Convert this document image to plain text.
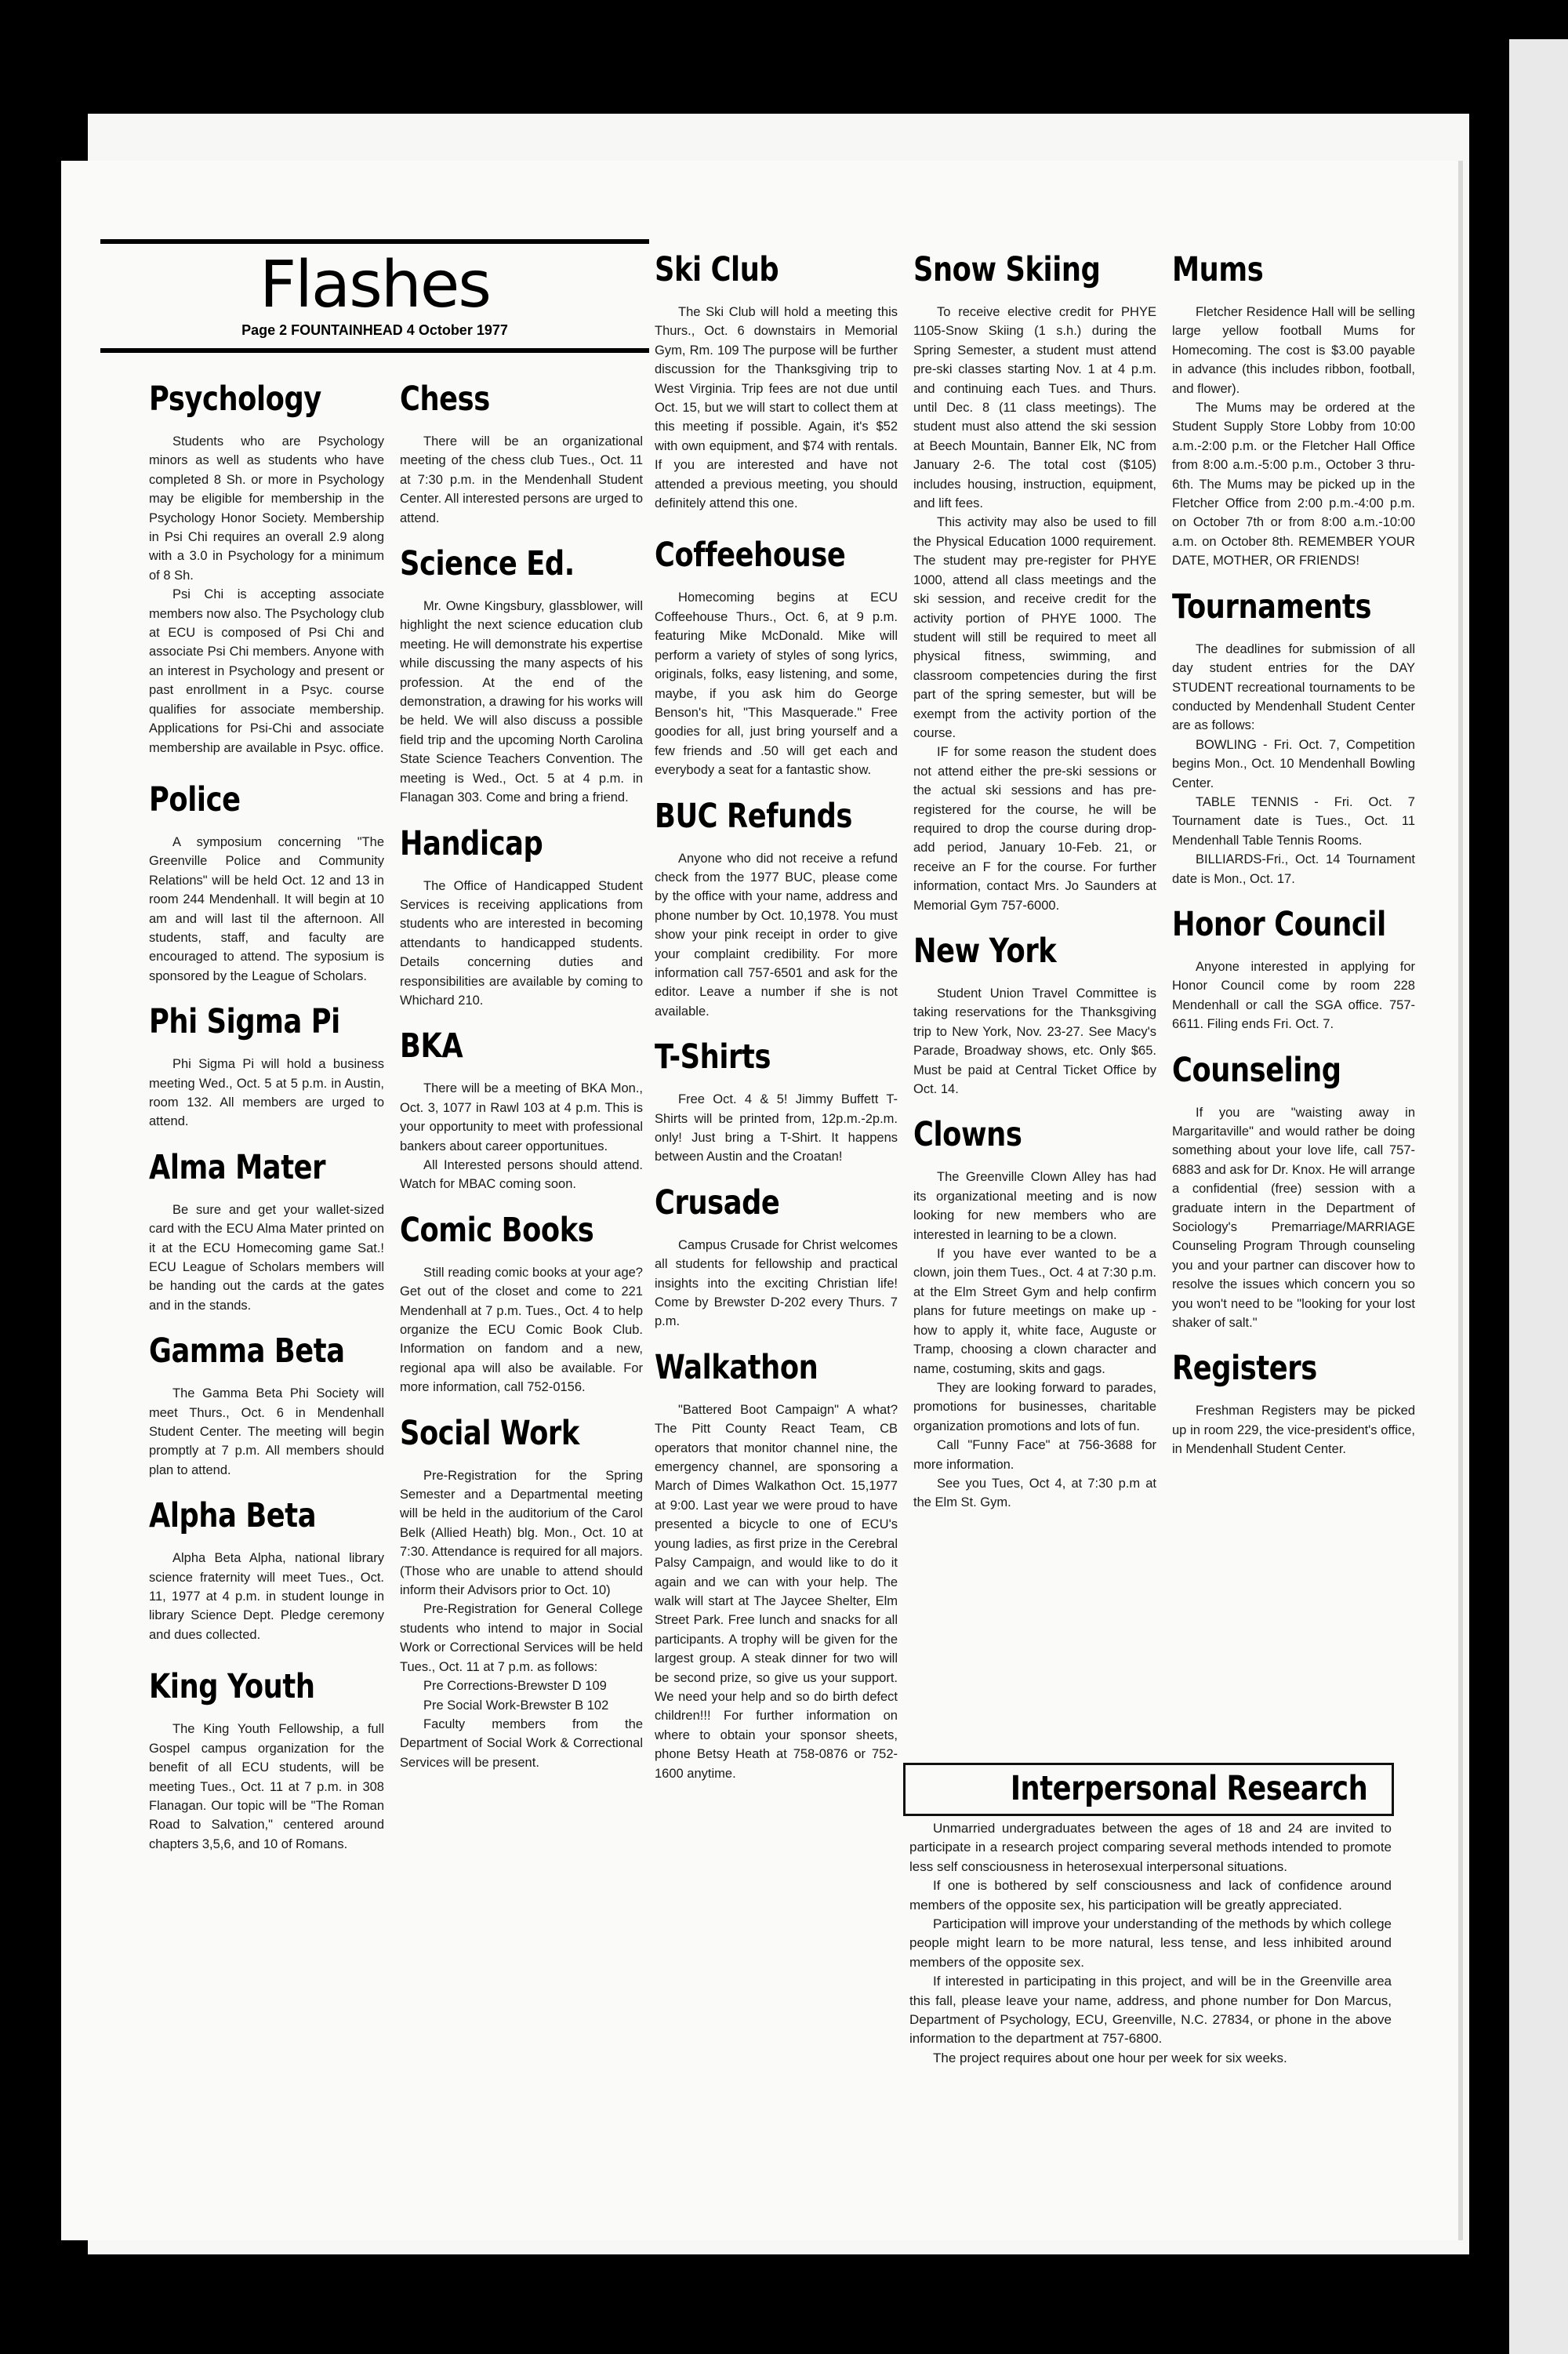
Flashes
Page 2 FOUNTAINHEAD 4 October 1977
Psychology

Students who are Psychology minors as well as students who have completed 8 Sh. or more in Psychology may be eligible for membership in the Psychology Honor Society. Membership in Psi Chi requires an overall 2.9 along with a 3.0 in Psychology for a minimum of 8 Sh.

Psi Chi is accepting associate members now also. The Psychology club at ECU is composed of Psi Chi and associate Psi Chi members. Anyone with an interest in Psychology and present or past enrollment in a Psyc. course qualifies for associate membership. Applications for Psi-Chi and associate membership are available in Psyc. office.

Police

A symposium concerning "The Greenville Police and Community Relations" will be held Oct. 12 and 13 in room 244 Mendenhall. It will begin at 10 am and will last til the afternoon. All students, staff, and faculty are encouraged to attend. The syposium is sponsored by the League of Scholars.

Phi Sigma Pi

Phi Sigma Pi will hold a business meeting Wed., Oct. 5 at 5 p.m. in Austin, room 132. All members are urged to attend.

Alma Mater

Be sure and get your wallet-sized card with the ECU Alma Mater printed on it at the ECU Homecoming game Sat.! ECU League of Scholars members will be handing out the cards at the gates and in the stands.

Gamma Beta

The Gamma Beta Phi Society will meet Thurs., Oct. 6 in Mendenhall Student Center. The meeting will begin promptly at 7 p.m. All members should plan to attend.

Alpha Beta

Alpha Beta Alpha, national library science fraternity will meet Tues., Oct. 11, 1977 at 4 p.m. in student lounge in library Science Dept. Pledge ceremony and dues collected.

King Youth

The King Youth Fellowship, a full Gospel campus organization for the benefit of all ECU students, will be meeting Tues., Oct. 11 at 7 p.m. in 308 Flanagan. Our topic will be "The Roman Road to Salvation," centered around chapters 3,5,6, and 10 of Romans.

Chess

There will be an organizational meeting of the chess club Tues., Oct. 11 at 7:30 p.m. in the Mendenhall Student Center. All interested persons are urged to attend.

Science Ed.

Mr. Owne Kingsbury, glassblower, will highlight the next science education club meeting. He will demonstrate his expertise while discussing the many aspects of his profession. At the end of the demonstration, a drawing for his works will be held. We will also discuss a possible field trip and the upcoming North Carolina State Science Teachers Convention. The meeting is Wed., Oct. 5 at 4 p.m. in Flanagan 303. Come and bring a friend.

Handicap

The Office of Handicapped Student Services is receiving applications from students who are interested in becoming attendants to handicapped students. Details concerning duties and responsibilities are available by coming to Whichard 210.

BKA

There will be a meeting of BKA Mon., Oct. 3, 1077 in Rawl 103 at 4 p.m. This is your opportunity to meet with professional bankers about career opportunitues.

All Interested persons should attend. Watch for MBAC coming soon.

Comic Books

Still reading comic books at your age? Get out of the closet and come to 221 Mendenhall at 7 p.m. Tues., Oct. 4 to help organize the ECU Comic Book Club. Information on fandom and a new, regional apa will also be available. For more information, call 752-0156.

Social Work

Pre-Registration for the Spring Semester and a Departmental meeting will be held in the auditorium of the Carol Belk (Allied Heath) blg. Mon., Oct. 10 at 7:30. Attendance is required for all majors. (Those who are unable to attend should inform their Advisors prior to Oct. 10)

Pre-Registration for General College students who intend to major in Social Work or Correctional Services will be held Tues., Oct. 11 at 7 p.m. as follows:

Pre Corrections-Brewster D 109

Pre Social Work-Brewster B 102

Faculty members from the Department of Social Work & Correctional Services will be present.

Ski Club

The Ski Club will hold a meeting this Thurs., Oct. 6 downstairs in Memorial Gym, Rm. 109 The purpose will be further discussion for the Thanksgiving trip to West Virginia. Trip fees are not due until Oct. 15, but we will start to collect them at this meeting if possible. Again, it's $52 with own equipment, and $74 with rentals. If you are interested and have not attended a previous meeting, you should definitely attend this one.

Coffeehouse

Homecoming begins at ECU Coffeehouse Thurs., Oct. 6, at 9 p.m. featuring Mike McDonald. Mike will perform a variety of styles of song lyrics, originals, folks, easy listening, and some, maybe, if you ask him do George Benson's hit, "This Masquerade." Free goodies for all, just bring yourself and a few friends and .50 will get each and everybody a seat for a fantastic show.

BUC Refunds

Anyone who did not receive a refund check from the 1977 BUC, please come by the office with your name, address and phone number by Oct. 10,1978. You must show your pink receipt in order to give your complaint credibility. For more information call 757-6501 and ask for the editor. Leave a number if she is not available.

T-Shirts

Free Oct. 4 & 5! Jimmy Buffett T-Shirts will be printed from, 12p.m.-2p.m. only! Just bring a T-Shirt. It happens between Austin and the Croatan!

Crusade

Campus Crusade for Christ welcomes all students for fellowship and practical insights into the exciting Christian life! Come by Brewster D-202 every Thurs. 7 p.m.

Walkathon

"Battered Boot Campaign" A what? The Pitt County React Team, CB operators that monitor channel nine, the emergency channel, are sponsoring a March of Dimes Walkathon Oct. 15,1977 at 9:00. Last year we were proud to have presented a bicycle to one of ECU's young ladies, as first prize in the Cerebral Palsy Campaign, and would like to do it again and we can with your help. The walk will start at The Jaycee Shelter, Elm Street Park. Free lunch and snacks for all participants. A trophy will be given for the largest group. A steak dinner for two will be second prize, so give us your support. We need your help and so do birth defect children!!! For further information on where to obtain your sponsor sheets, phone Betsy Heath at 758-0876 or 752-1600 anytime.

Snow Skiing

To receive elective credit for PHYE 1105-Snow Skiing (1 s.h.) during the Spring Semester, a student must attend pre-ski classes starting Nov. 1 at 4 p.m. and continuing each Tues. and Thurs. until Dec. 8 (11 class meetings). The student must also attend the ski session at Beech Mountain, Banner Elk, NC from January 2-6. The total cost ($105) includes housing, instruction, equipment, and lift fees.

This activity may also be used to fill the Physical Education 1000 requirement. The student may pre-register for PHYE 1000, attend all class meetings and the ski session, and receive credit for the activity portion of PHYE 1000. The student will still be required to meet all physical fitness, swimming, and classroom competencies during the first part of the spring semester, but will be exempt from the activity portion of the course.

IF for some reason the student does not attend either the pre-ski sessions or the actual ski sessions and has pre-registered for the course, he will be required to drop the course during drop-add period, January 10-Feb. 21, or receive an F for the course. For further information, contact Mrs. Jo Saunders at Memorial Gym 757-6000.

New York

Student Union Travel Committee is taking reservations for the Thanksgiving trip to New York, Nov. 23-27. See Macy's Parade, Broadway shows, etc. Only $65. Must be paid at Central Ticket Office by Oct. 14.

Clowns

The Greenville Clown Alley has had its organizational meeting and is now looking for new members who are interested in learning to be a clown.

If you have ever wanted to be a clown, join them Tues., Oct. 4 at 7:30 p.m. at the Elm Street Gym and help confirm plans for future meetings on make up - how to apply it, white face, Auguste or Tramp, choosing a clown character and name, costuming, skits and gags.

They are looking forward to parades, promotions for businesses, charitable organization promotions and lots of fun.

Call "Funny Face" at 756-3688 for more information.

See you Tues, Oct 4, at 7:30 p.m at the Elm St. Gym.

Mums

Fletcher Residence Hall will be selling large yellow football Mums for Homecoming. The cost is $3.00 payable in advance (this includes ribbon, football, and flower).

The Mums may be ordered at the Student Supply Store Lobby from 10:00 a.m.-2:00 p.m. or the Fletcher Hall Office from 8:00 a.m.-5:00 p.m., October 3 thru-6th. The Mums may be picked up in the Fletcher Office from 2:00 p.m.-4:00 p.m. on October 7th or from 8:00 a.m.-10:00 a.m. on October 8th. REMEMBER YOUR DATE, MOTHER, OR FRIENDS!

Tournaments

The deadlines for submission of all day student entries for the DAY STUDENT recreational tournaments to be conducted by Mendenhall Student Center are as follows:

BOWLING - Fri. Oct. 7, Competition begins Mon., Oct. 10 Mendenhall Bowling Center.

TABLE TENNIS - Fri. Oct. 7 Tournament date is Tues., Oct. 11 Mendenhall Table Tennis Rooms.

BILLIARDS-Fri., Oct. 14 Tournament date is Mon., Oct. 17.

Honor Council

Anyone interested in applying for Honor Council come by room 228 Mendenhall or call the SGA office. 757-6611. Filing ends Fri. Oct. 7.

Counseling

If you are "waisting away in Margaritaville" and would rather be doing something about your love life, call 757-6883 and ask for Dr. Knox. He will arrange a confidential (free) session with a graduate intern in the Department of Sociology's Premarriage/MARRIAGE Counseling Program Through counseling you and your partner can discover how to resolve the issues which concern you so you won't need to be "looking for your lost shaker of salt."

Registers

Freshman Registers may be picked up in room 229, the vice-president's office, in Mendenhall Student Center.

Interpersonal Research

Unmarried undergraduates between the ages of 18 and 24 are invited to participate in a research project comparing several methods intended to promote less self consciousness in heterosexual interpersonal situations.

If one is bothered by self consciousness and lack of confidence around members of the opposite sex, his participation will be greatly appreciated.

Participation will improve your understanding of the methods by which college people might learn to be more natural, less tense, and less inhibited around members of the opposite sex.

If interested in participating in this project, and will be in the Greenville area this fall, please leave your name, address, and phone number for Don Marcus, Department of Psychology, ECU, Greenville, N.C. 27834, or phone in the above information to the department at 757-6800.

The project requires about one hour per week for six weeks.
